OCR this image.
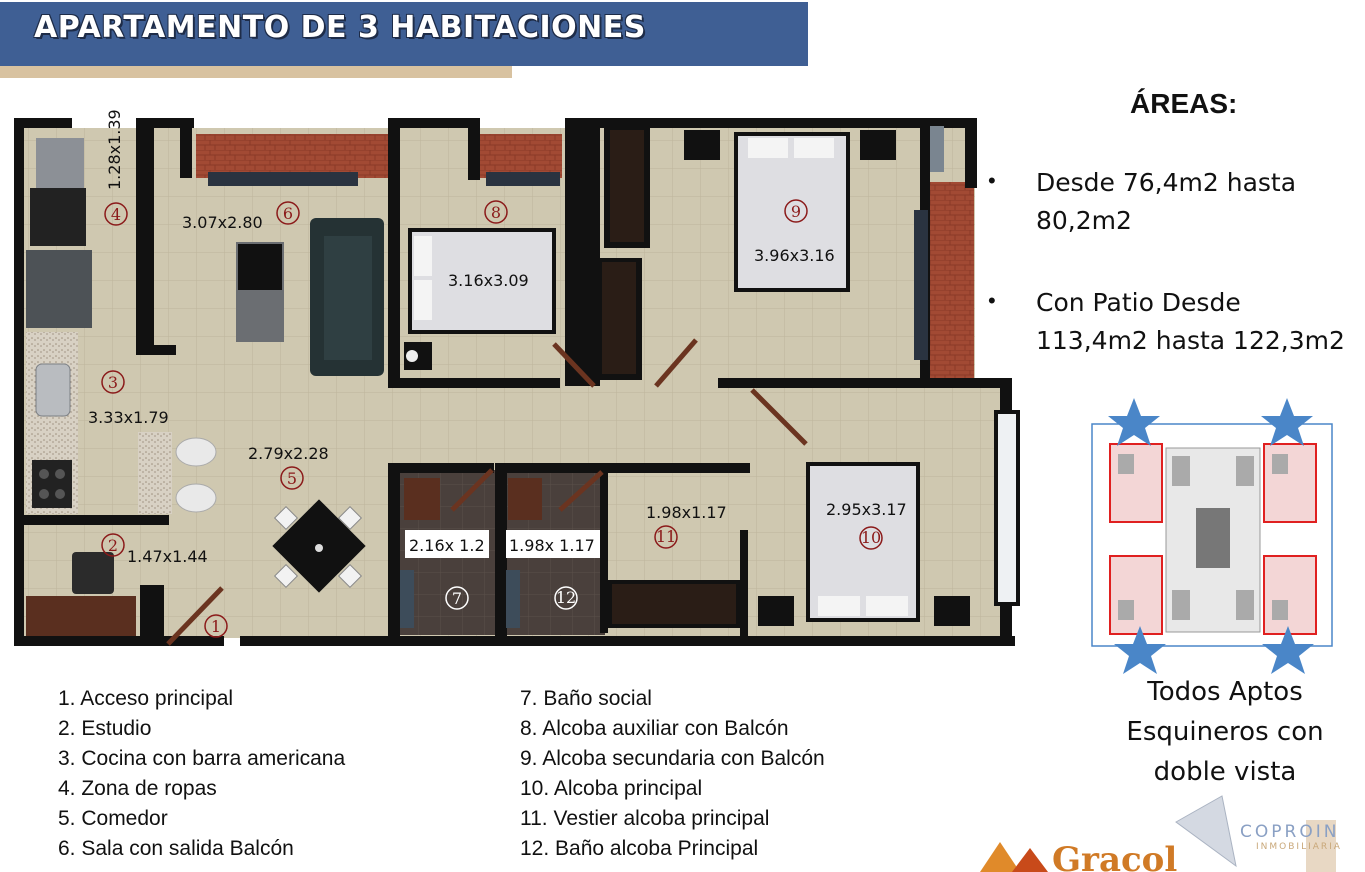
APARTAMENTO DE 3 HABITACIONES
1.28x1.39
3.07x2.80
3.16x3.09
3.96x3.16
3.33x1.79
2.79x2.28
1.47x1.44
2.16x 1.2 1.98x 1.17
1.98x1.17	2.95x3.17
1
2
3
4
5
6
7
8	9
10
11
12
ÁREAS:
• Desde 76,4m2 hasta
80,2m2
• Con Patio Desde
113,4m2 hasta 122,3m2
1. Acceso principal
2. Estudio
3. Cocina con barra americana
4. Zona de ropas
5. Comedor
6. Sala con salida Balcón
7. Baño social
8. Alcoba auxiliar con Balcón
9. Alcoba secundaria con Balcón
10. Alcoba principal
11. Vestier alcoba principal
12. Baño alcoba Principal
Todos Aptos
Esquineros con
doble vista
COPROIN
INMOBILIARIA
Gracol
